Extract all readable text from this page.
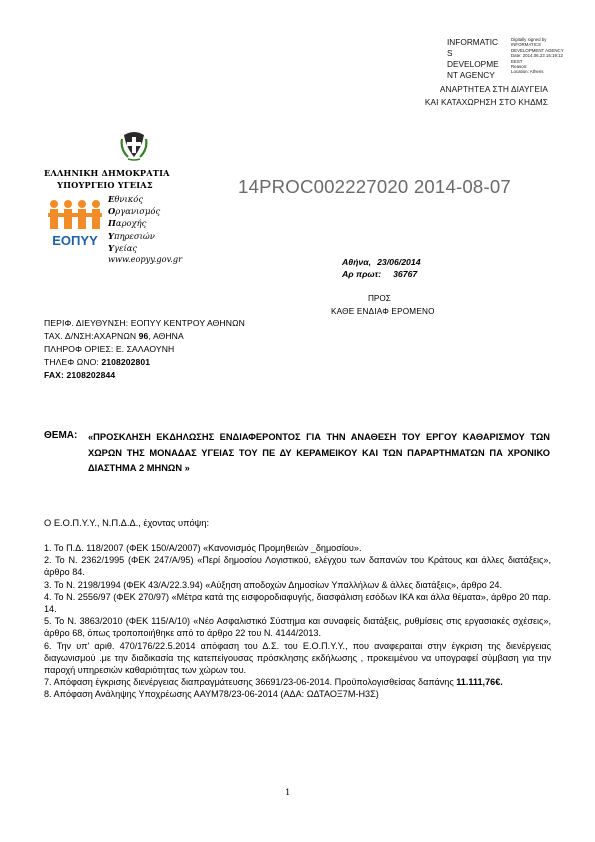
INFORMATIC
S
DEVELOPME
NT AGENCY
Digitally signed by
INFORMATICS
DEVELOPMENT AGENCY
Date: 2014.06.23 15:19:12
EEST
Reason:
Location: Athens
ΑΝΑΡΤΗΤΕΑ ΣΤΗ ΔΙΑΥΓΕΙΑ
ΚΑΙ ΚΑΤΑΧΩΡΗΣΗ ΣΤΟ ΚΗΔΜΣ
ΕΛΛΗΝΙΚΗ ΔΗΜΟΚΡΑΤΙΑ
ΥΠΟΥΡΓΕΙΟ ΥΓΕΙΑΣ
ΕΟΠΥΥ
Εθνικός
Οργανισμός
Παροχής
Υπηρεσιών
Υγείας
www.eopyy.gov.gr
14PROC002227020 2014-08-07
Αθήνα, 23/06/2014
Αρ πρωτ: 36767
ΠΡΟΣ
ΚΑΘΕ ΕΝΔΙΑΦ ΕΡΟΜΕΝΟ
ΠΕΡΙΦ. ΔΙΕΥΘΥΝΣΗ: ΕΟΠΥΥ ΚΕΝΤΡΟΥ ΑΘΗΝΩΝ
ΤΑΧ. Δ/ΝΣΗ:ΑΧΑΡΝΩΝ 96, ΑΘΗΝΑ
ΠΛΗΡΟΦ ΟΡΙΕΣ: Ε. ΣΑΛΑΟΥΝΗ
ΤΗΛΕΦ ΩΝΟ: 2108202801
FAX: 2108202844
ΘΕΜΑ: «ΠΡΟΣΚΛΗΣΗ ΕΚΔΗΛΩΣΗΣ ΕΝΔΙΑΦΕΡΟΝΤΟΣ ΓΙΑ ΤΗΝ ΑΝΑΘΕΣΗ ΤΟΥ ΕΡΓΟΥ ΚΑΘΑΡΙΣΜΟΥ ΤΩΝ ΧΩΡΩΝ ΤΗΣ ΜΟΝΑΔΑΣ ΥΓΕΙΑΣ ΤΟΥ ΠΕ ΔΥ ΚΕΡΑΜΕΙΚΟΥ ΚΑΙ ΤΩΝ ΠΑΡΑΡΤΗΜΑΤΩΝ ΠΑ ΧΡΟΝΙΚΟ ΔΙΑΣΤΗΜΑ 2 ΜΗΝΩΝ »
Ο Ε.Ο.Π.Υ.Υ., Ν.Π.Δ.Δ., έχοντας υπόψη:

1. Το Π.Δ. 118/2007 (ΦΕΚ 150/Α/2007) «Κανονισμός Προμηθειών _δημοσίου».

2. Το Ν. 2362/1995 (ΦΕΚ 247/Α/95) «Περί δημοσίου Λογιστικού, ελέγχου των δαπανών του Κράτους και άλλες διατάξεις», άρθρο 84.

3. Το Ν. 2198/1994 (ΦΕΚ 43/Α/22.3.94) «Αύξηση αποδοχών Δημοσίων Υπαλλήλων & άλλες διατάξεις», άρθρο 24.

4. Το Ν. 2556/97 (ΦΕΚ 270/97) «Μέτρα κατά της εισφοροδιαφυγής, διασφάλιση εσόδων ΙΚΑ και άλλα θέματα», άρθρο 20 παρ. 14.

5. Το Ν. 3863/2010 (ΦΕΚ 115/Α/10) «Νέο Ασφαλιστικό Σύστημα και συναφείς διατάξεις, ρυθμίσεις στις εργασιακές σχέσεις», άρθρο 68, όπως τροποποιήθηκε από το άρθρο 22 του Ν. 4144/2013.

6. Την υπ' αριθ. 470/176/22.5.2014 απόφαση του Δ.Σ. του Ε.Ο.Π.Υ.Υ., που αναφεραιται στην έγκριση της διενέργειας διαγωνισμού .με την διαδικασία της κατεπείγουσας πρόσκλησης εκδήλωσης , προκειμένου να υπογραφεί σύμβαση για την παροχή υπηρεσιών καθαριότητας των χώρων του.

7. Απόφαση έγκρισης διενέργειας διαπραγμάτευσης 36691/23-06-2014. Προϋπολογισθείσας δαπάνης 11.111,76€.

8. Απόφαση Ανάληψης Υποχρέωσης ΑΑΥΜ78/23-06-2014 (ΑΔΑ: ΩΔΤΑΟΞ7Μ-Η3Σ)

1
